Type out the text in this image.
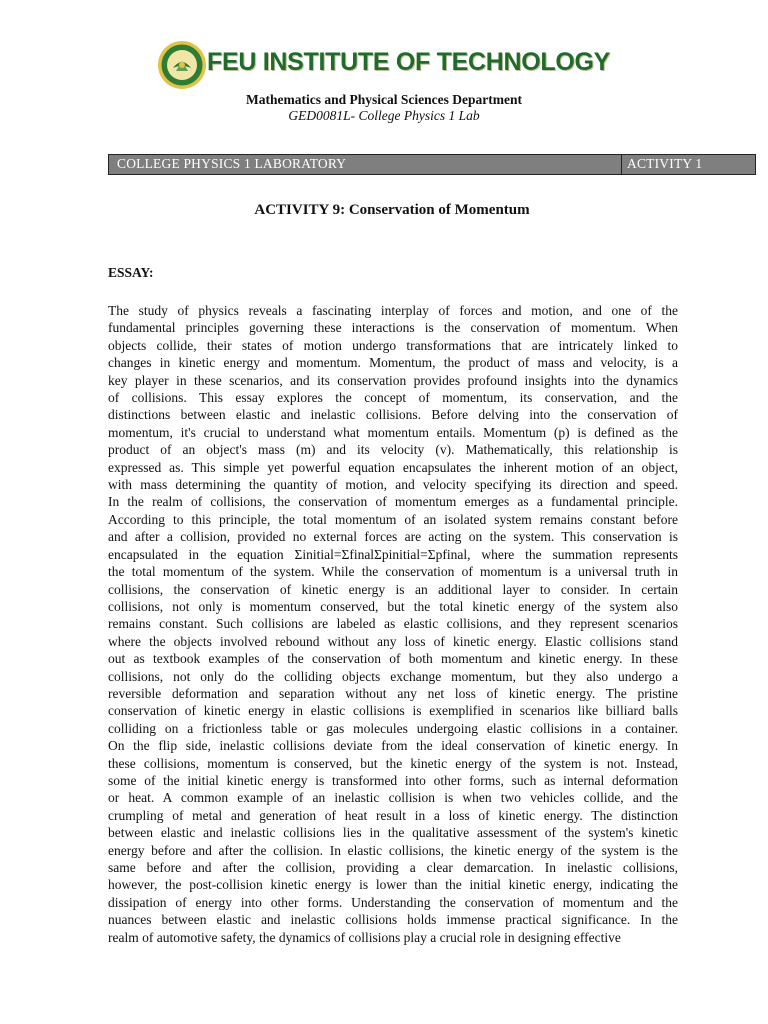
FEU INSTITUTE OF TECHNOLOGY
Mathematics and Physical Sciences Department
GED0081L- College Physics 1 Lab
COLLEGE PHYSICS 1 LABORATORY	ACTIVITY 1
ACTIVITY 9: Conservation of Momentum
ESSAY:
The study of physics reveals a fascinating interplay of forces and motion, and one of the
fundamental principles governing these interactions is the conservation of momentum. When
objects collide, their states of motion undergo transformations that are intricately linked to
changes in kinetic energy and momentum. Momentum, the product of mass and velocity, is a
key player in these scenarios, and its conservation provides profound insights into the dynamics
of collisions. This essay explores the concept of momentum, its conservation, and the
distinctions between elastic and inelastic collisions. Before delving into the conservation of
momentum, it's crucial to understand what momentum entails. Momentum (p) is defined as the
product of an object's mass (m) and its velocity (v). Mathematically, this relationship is
expressed as. This simple yet powerful equation encapsulates the inherent motion of an object,
with mass determining the quantity of motion, and velocity specifying its direction and speed.
In the realm of collisions, the conservation of momentum emerges as a fundamental principle.
According to this principle, the total momentum of an isolated system remains constant before
and after a collision, provided no external forces are acting on the system. This conservation is
encapsulated in the equation Σinitial=ΣfinalΣpinitial=Σpfinal, where the summation represents
the total momentum of the system. While the conservation of momentum is a universal truth in
collisions, the conservation of kinetic energy is an additional layer to consider. In certain
collisions, not only is momentum conserved, but the total kinetic energy of the system also
remains constant. Such collisions are labeled as elastic collisions, and they represent scenarios
where the objects involved rebound without any loss of kinetic energy. Elastic collisions stand
out as textbook examples of the conservation of both momentum and kinetic energy. In these
collisions, not only do the colliding objects exchange momentum, but they also undergo a
reversible deformation and separation without any net loss of kinetic energy. The pristine
conservation of kinetic energy in elastic collisions is exemplified in scenarios like billiard balls
colliding on a frictionless table or gas molecules undergoing elastic collisions in a container.
On the flip side, inelastic collisions deviate from the ideal conservation of kinetic energy. In
these collisions, momentum is conserved, but the kinetic energy of the system is not. Instead,
some of the initial kinetic energy is transformed into other forms, such as internal deformation
or heat. A common example of an inelastic collision is when two vehicles collide, and the
crumpling of metal and generation of heat result in a loss of kinetic energy. The distinction
between elastic and inelastic collisions lies in the qualitative assessment of the system's kinetic
energy before and after the collision. In elastic collisions, the kinetic energy of the system is the
same before and after the collision, providing a clear demarcation. In inelastic collisions,
however, the post-collision kinetic energy is lower than the initial kinetic energy, indicating the
dissipation of energy into other forms. Understanding the conservation of momentum and the
nuances between elastic and inelastic collisions holds immense practical significance. In the
realm of automotive safety, the dynamics of collisions play a crucial role in designing effective
